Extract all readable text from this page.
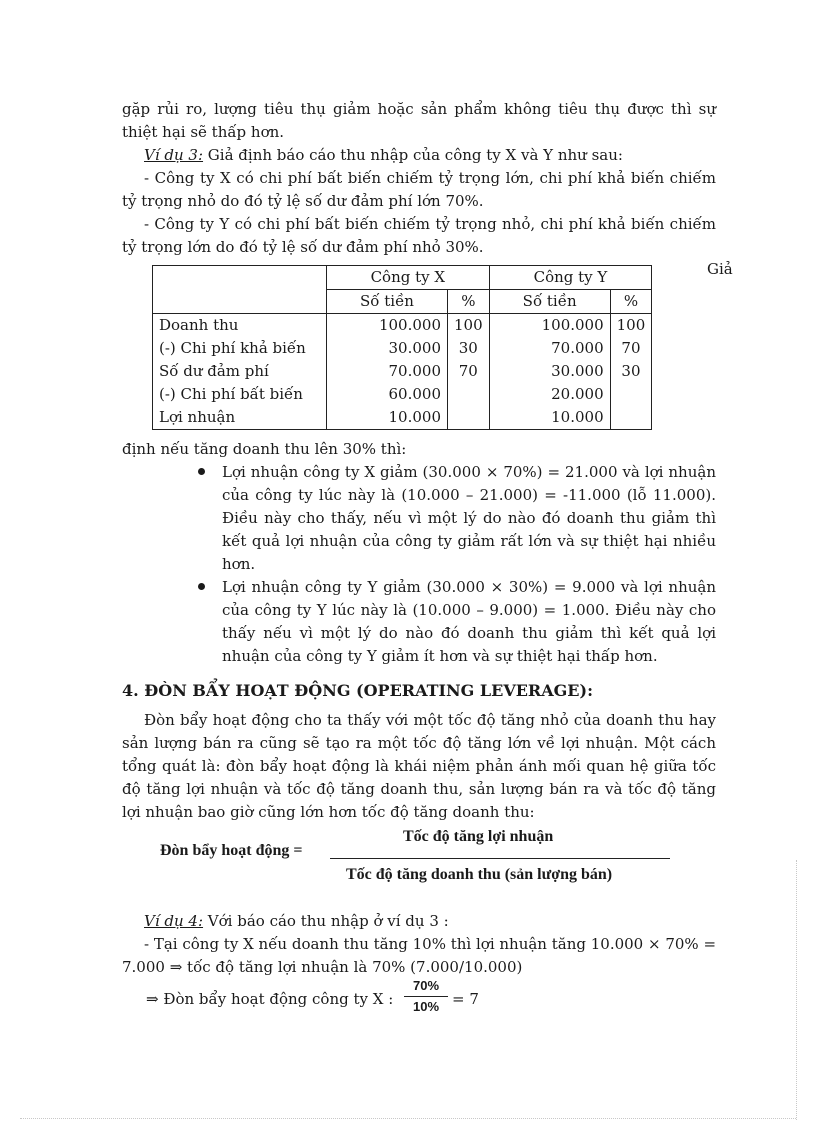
gặp rủi ro, lượng tiêu thụ giảm hoặc sản phẩm không tiêu thụ được thì sự thiệt hại sẽ thấp hơn.

Ví dụ 3: Giả định báo cáo thu nhập của công ty X và Y như sau:

- Công ty X có chi phí bất biến chiếm tỷ trọng lớn, chi phí khả biến chiếm tỷ trọng nhỏ do đó tỷ lệ số dư đảm phí lớn 70%.

- Công ty Y có chi phí bất biến chiếm tỷ trọng nhỏ, chi phí khả biến chiếm tỷ trọng lớn do đó tỷ lệ số dư đảm phí nhỏ 30%.

Giả
	Công ty X		Công ty Y	
	Số tiền	%	Số tiền	%
Doanh thu	100.000	100	100.000	100
(-) Chi phí khả biến	30.000	30	70.000	70
Số dư đảm phí	70.000	70	30.000	30
(-) Chi phí bất biến	60.000		20.000	
Lợi nhuận	10.000		10.000	

định nếu tăng doanh thu lên 30% thì:

Lợi nhuận công ty X giảm (30.000 × 70%) = 21.000 và lợi nhuận của công ty lúc này là (10.000 – 21.000) = -11.000 (lỗ 11.000). Điều này cho thấy, nếu vì một lý do nào đó doanh thu giảm thì kết quả lợi nhuận của công ty giảm rất lớn và sự thiệt hại nhiều hơn.

Lợi nhuận công ty Y giảm (30.000 × 30%) = 9.000 và lợi nhuận của công ty Y lúc này là (10.000 – 9.000) = 1.000. Điều này cho thấy nếu vì một lý do nào đó doanh thu giảm thì kết quả lợi nhuận của công ty Y giảm ít hơn và sự thiệt hại thấp hơn.

4. ĐÒN BẨY HOẠT ĐỘNG (OPERATING LEVERAGE):

Đòn bẩy hoạt động cho ta thấy với một tốc độ tăng nhỏ của doanh thu hay sản lượng bán ra cũng sẽ tạo ra một tốc độ tăng lớn về lợi nhuận. Một cách tổng quát là: đòn bẩy hoạt động là khái niệm phản ánh mối quan hệ giữa tốc độ tăng lợi nhuận và tốc độ tăng doanh thu, sản lượng bán ra và tốc độ tăng lợi nhuận bao giờ cũng lớn hơn tốc độ tăng doanh thu:

Đòn bẩy hoạt động =
Tốc độ tăng lợi nhuận
Tốc độ tăng doanh thu (sản lượng bán)

Ví dụ 4: Với báo cáo thu nhập ở ví dụ 3 :

- Tại công ty X nếu doanh thu tăng 10% thì lợi nhuận tăng 10.000 × 70% = 7.000 ⇒ tốc độ tăng lợi nhuận là 70% (7.000/10.000)

⇒ Đòn bẩy hoạt động công ty X :

70%
10% = 7
